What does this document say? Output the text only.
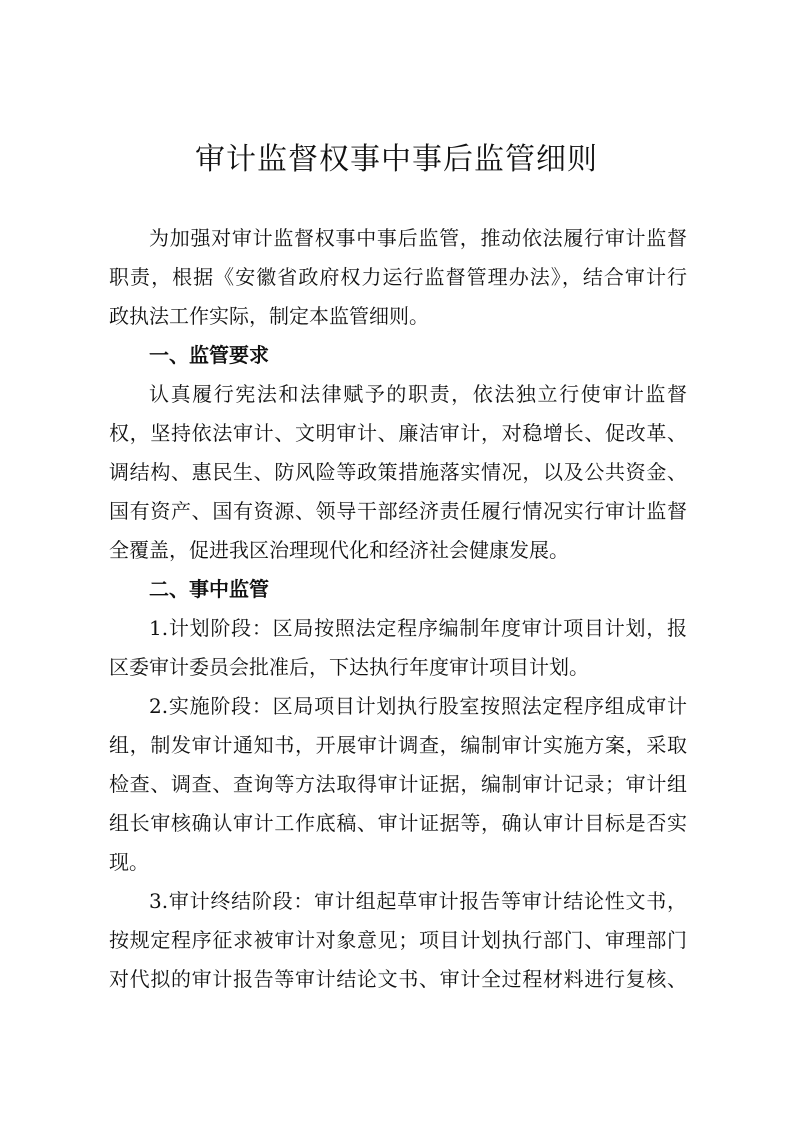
审计监督权事中事后监管细则

为加强对审计监督权事中事后监管，推动依法履行审计监督

职责，根据《安徽省政府权力运行监督管理办法》，结合审计行

政执法工作实际，制定本监管细则。

一、监管要求

认真履行宪法和法律赋予的职责，依法独立行使审计监督

权，坚持依法审计、文明审计、廉洁审计，对稳增长、促改革、

调结构、惠民生、防风险等政策措施落实情况，以及公共资金、

国有资产、国有资源、领导干部经济责任履行情况实行审计监督

全覆盖，促进我区治理现代化和经济社会健康发展。

二、事中监管

1.计划阶段：区局按照法定程序编制年度审计项目计划，报

区委审计委员会批准后，下达执行年度审计项目计划。

2.实施阶段：区局项目计划执行股室按照法定程序组成审计

组，制发审计通知书，开展审计调查，编制审计实施方案，采取

检查、调查、查询等方法取得审计证据，编制审计记录；审计组

组长审核确认审计工作底稿、审计证据等，确认审计目标是否实

现。

3.审计终结阶段：审计组起草审计报告等审计结论性文书，

按规定程序征求被审计对象意见；项目计划执行部门、审理部门

对代拟的审计报告等审计结论文书、审计全过程材料进行复核、
